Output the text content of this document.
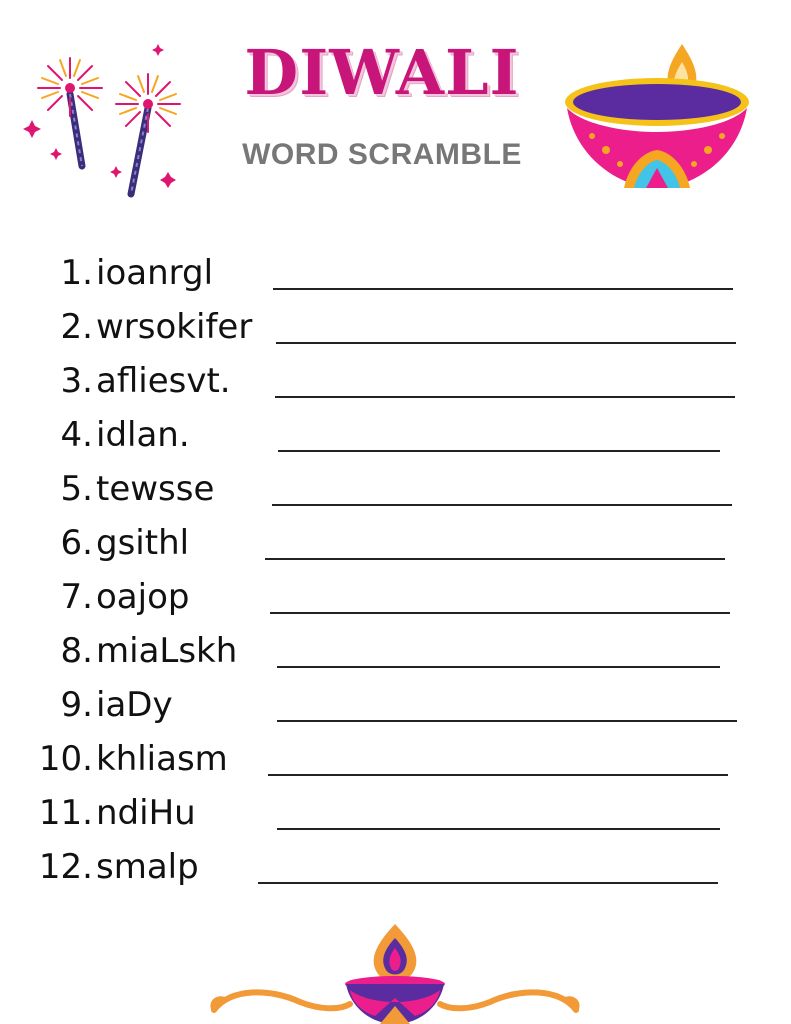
DIWALI
WORD SCRAMBLE
1. ioanrgl
2. wrsokifer
3. afliesvt.
4. idlan.
5. tewsse
6. gsithl
7. oajop
8. miaLskh
9. iaDy
10. khliasm
11. ndiHu
12. smalp
